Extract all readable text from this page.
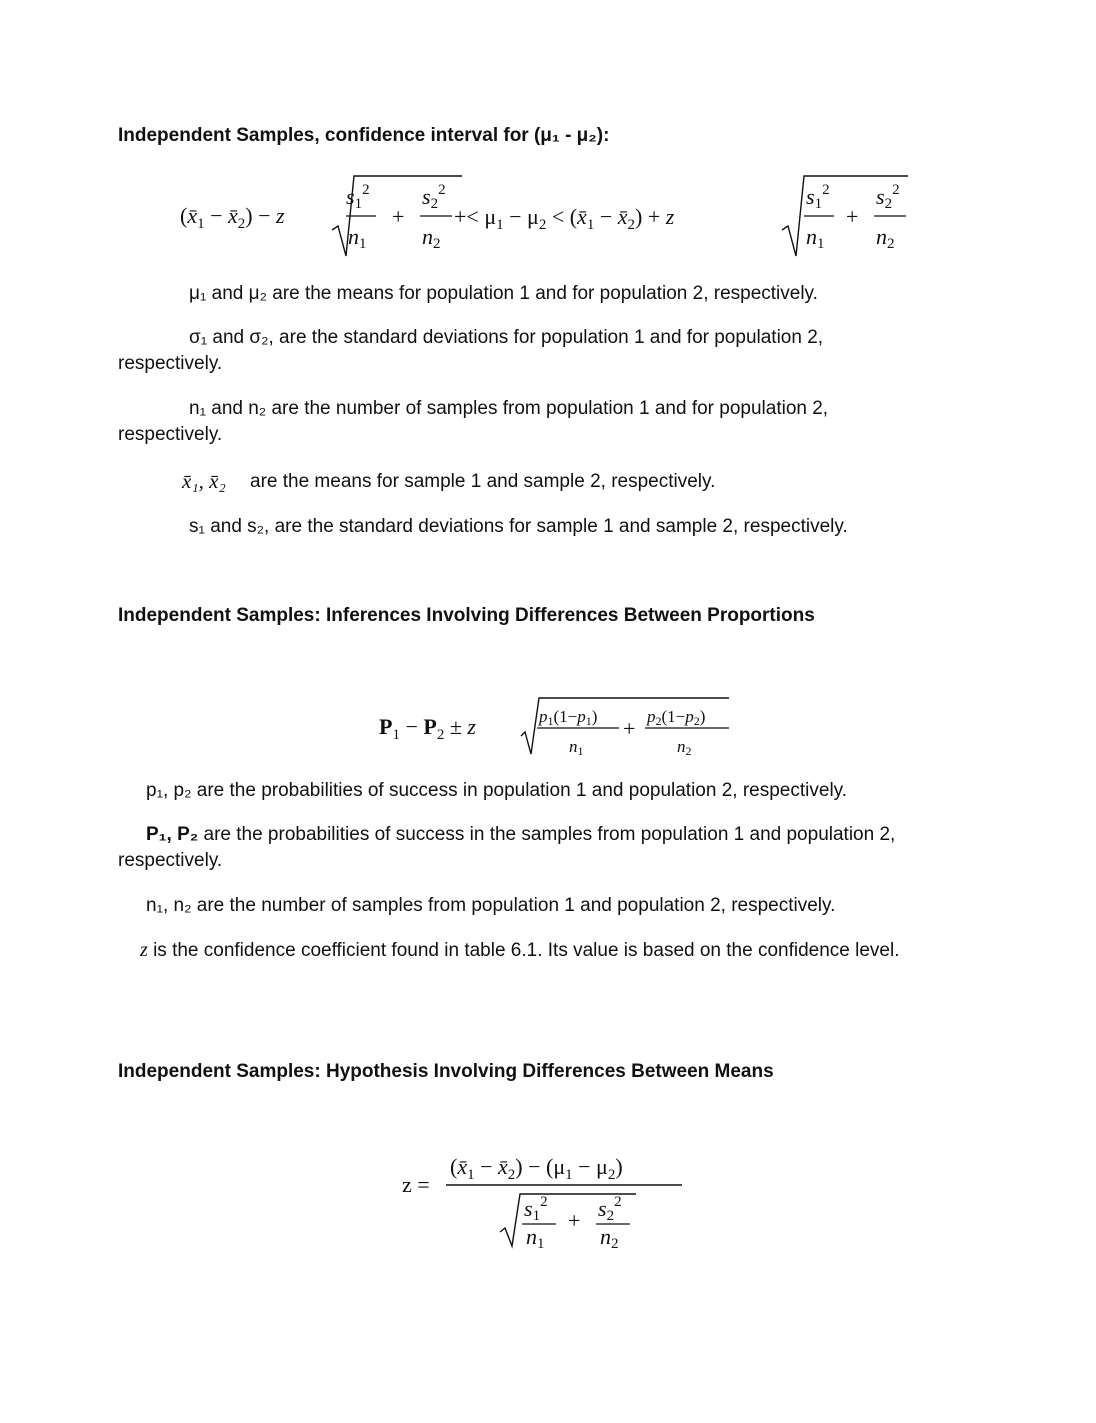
Independent Samples, confidence interval for (μ₁ - μ₂):
($x̄_1$ − $x̄_2) - z$
$s1^2$
n1
+
$s2^2$
n2
+< $\mu_1 - \mu_2$ < ($x̄_1$ − $x̄_2) + z$
$s1^2$
n1
+
$s2^2$
n2
μ₁ and μ₂ are the means for population 1 and for population 2, respectively.
σ₁ and σ₂, are the standard deviations for population 1 and for population 2,
respectively.
n₁ and n₂ are the number of samples from population 1 and for population 2,
respectively.
x̄₁, x̄₂ are the means for sample 1 and sample 2, respectively.
s₁ and s₂, are the standard deviations for sample 1 and sample 2, respectively.
Independent Samples: Inferences Involving Differences Between Proportions
$P_1 - P_2 \pm z$	p1(1−p1)
n1
+ p2(1−p2)
n2
p₁, p₂ are the probabilities of success in population 1 and population 2, respectively.
P₁, P₂ are the probabilities of success in the samples from population 1 and population 2,
respectively.
n₁, n₂ are the number of samples from population 1 and population 2, respectively.
z is the confidence coefficient found in table 6.1. Its value is based on the confidence level.
Independent Samples: Hypothesis Involving Differences Between Means
z =
($x̄_1$ − $x̄_2) - (\mu_1 - \mu_2)$
$s1^2$
n1
+ $s2^2$
n2
